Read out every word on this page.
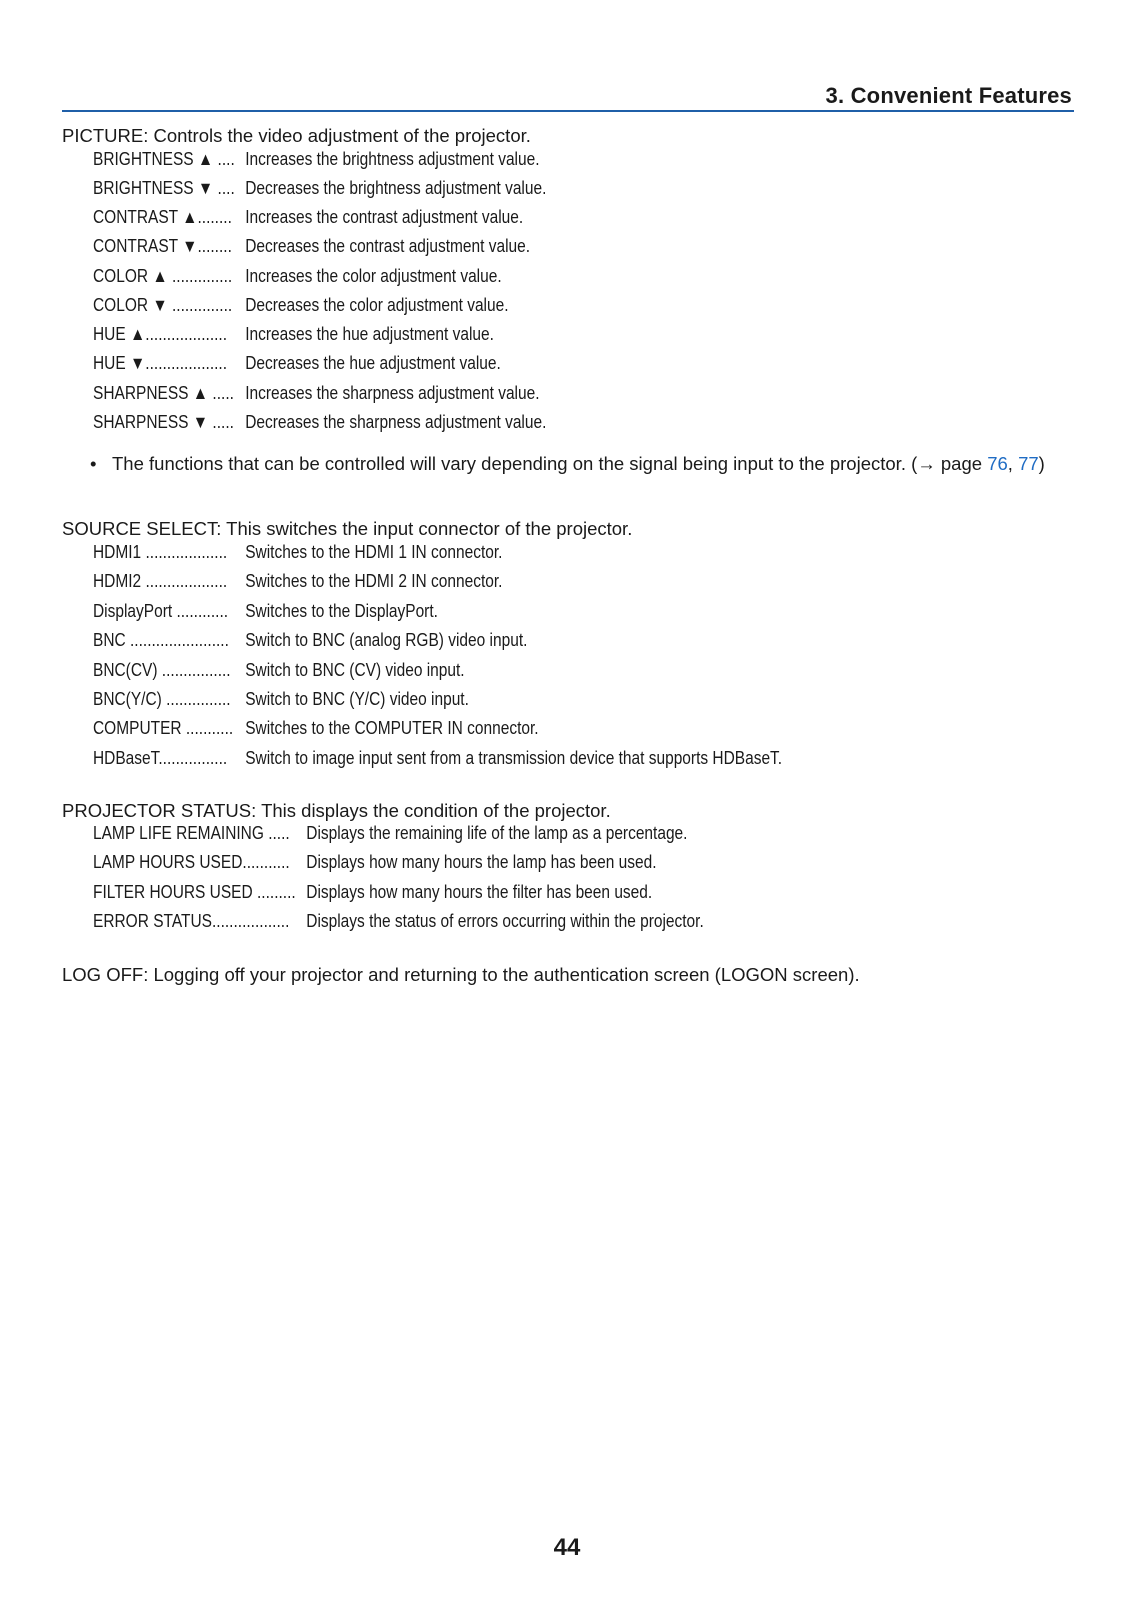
3. Convenient Features
PICTURE: Controls the video adjustment of the projector.
BRIGHTNESS ▲ .... Increases the brightness adjustment value.
BRIGHTNESS ▼ .... Decreases the brightness adjustment value.
CONTRAST ▲........ Increases the contrast adjustment value.
CONTRAST ▼........ Decreases the contrast adjustment value.
COLOR ▲ .............. Increases the color adjustment value.
COLOR ▼ .............. Decreases the color adjustment value.
HUE ▲................... Increases the hue adjustment value.
HUE ▼................... Decreases the hue adjustment value.
SHARPNESS ▲ ..... Increases the sharpness adjustment value.
SHARPNESS ▼ ..... Decreases the sharpness adjustment value.
• The functions that can be controlled will vary depending on the signal being input to the projector. (→ page 76, 77)
SOURCE SELECT: This switches the input connector of the projector.
HDMI1 ................... Switches to the HDMI 1 IN connector.
HDMI2 ................... Switches to the HDMI 2 IN connector.
DisplayPort ............ Switches to the DisplayPort.
BNC ....................... Switch to BNC (analog RGB) video input.
BNC(CV) ................ Switch to BNC (CV) video input.
BNC(Y/C) ............... Switch to BNC (Y/C) video input.
COMPUTER ........... Switches to the COMPUTER IN connector.
HDBaseT................ Switch to image input sent from a transmission device that supports HDBaseT.
PROJECTOR STATUS: This displays the condition of the projector.
LAMP LIFE REMAINING ..... Displays the remaining life of the lamp as a percentage.
LAMP HOURS USED........... Displays how many hours the lamp has been used.
FILTER HOURS USED ......... Displays how many hours the filter has been used.
ERROR STATUS.................. Displays the status of errors occurring within the projector.
LOG OFF: Logging off your projector and returning to the authentication screen (LOGON screen).
44
